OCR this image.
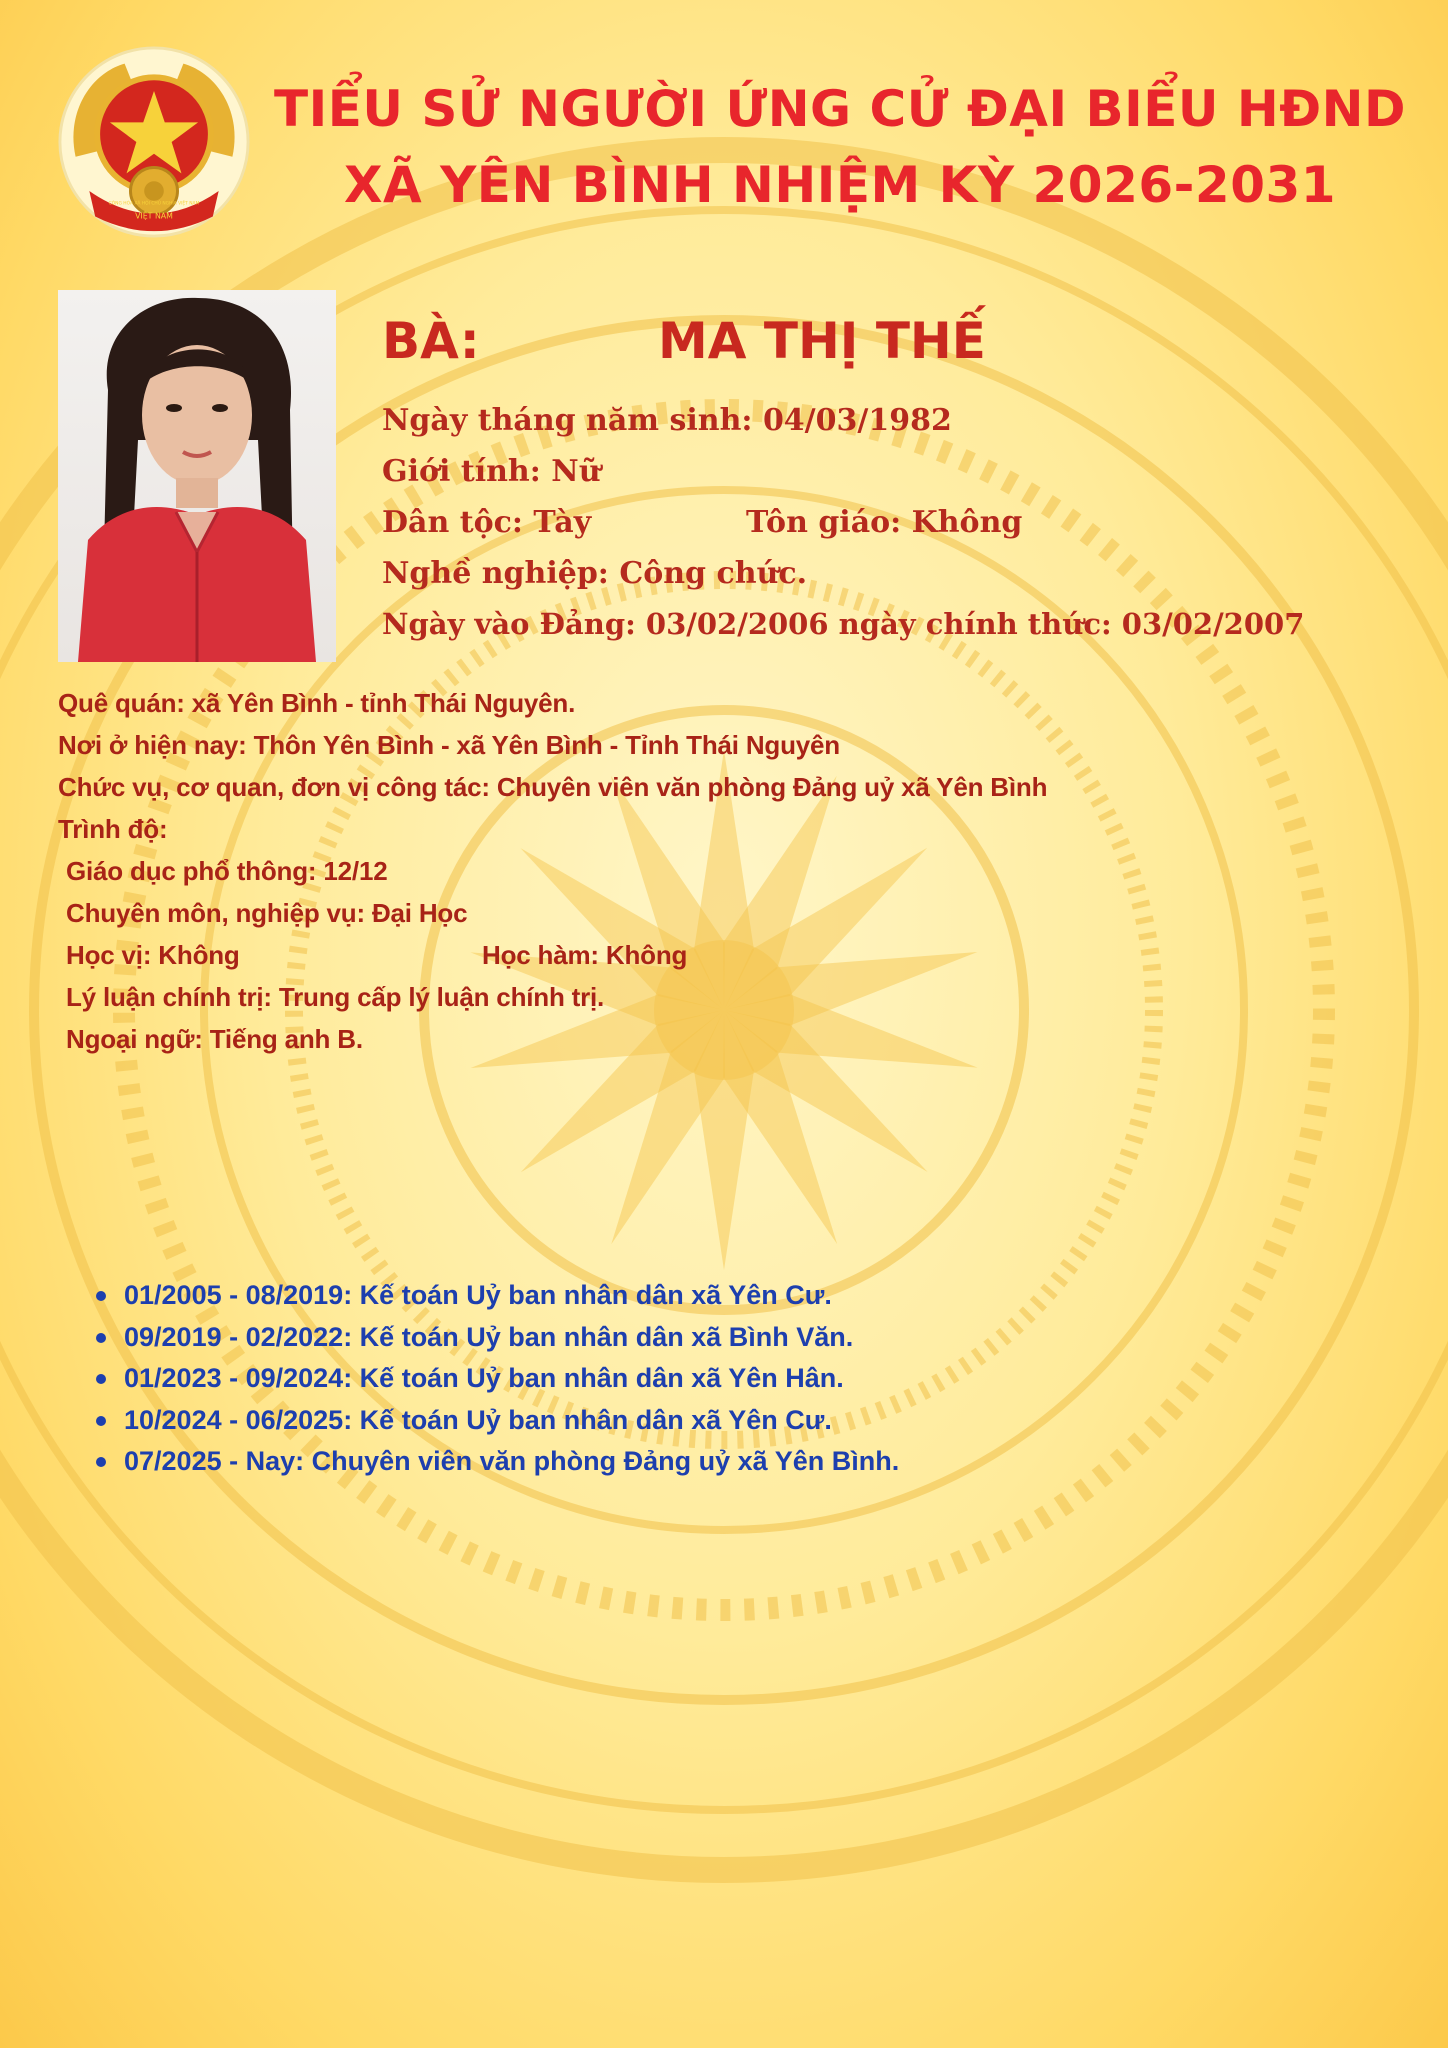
VIỆT NAM
CỘNG HÒA XÃ HỘI CHỦ NGHĨA VIỆT NAM
TIỂU SỬ NGƯỜI ỨNG CỬ ĐẠI BIỂU HĐND
XÃ YÊN BÌNH NHIỆM KỲ 2026-2031
BÀ:	MA THỊ THẾ
Ngày tháng năm sinh: 04/03/1982
Giới tính: Nữ
Dân tộc: Tày	Tôn giáo: Không
Nghề nghiệp: Công chức.
Ngày vào Đảng: 03/02/2006 ngày chính thức: 03/02/2007
Quê quán: xã Yên Bình - tỉnh Thái Nguyên.
Nơi ở hiện nay: Thôn Yên Bình - xã Yên Bình - Tỉnh Thái Nguyên
Chức vụ, cơ quan, đơn vị công tác: Chuyên viên văn phòng Đảng uỷ xã Yên Bình
Trình độ:
Giáo dục phổ thông: 12/12
Chuyên môn, nghiệp vụ: Đại Học
Học vị: Không	Học hàm: Không
Lý luận chính trị: Trung cấp lý luận chính trị.
Ngoại ngữ: Tiếng anh B.
01/2005 - 08/2019: Kế toán Uỷ ban nhân dân xã Yên Cư.
09/2019 - 02/2022: Kế toán Uỷ ban nhân dân xã Bình Văn.
01/2023 - 09/2024: Kế toán Uỷ ban nhân dân xã Yên Hân.
10/2024 - 06/2025: Kế toán Uỷ ban nhân dân xã Yên Cư.
07/2025 - Nay: Chuyên viên văn phòng Đảng uỷ xã Yên Bình.
